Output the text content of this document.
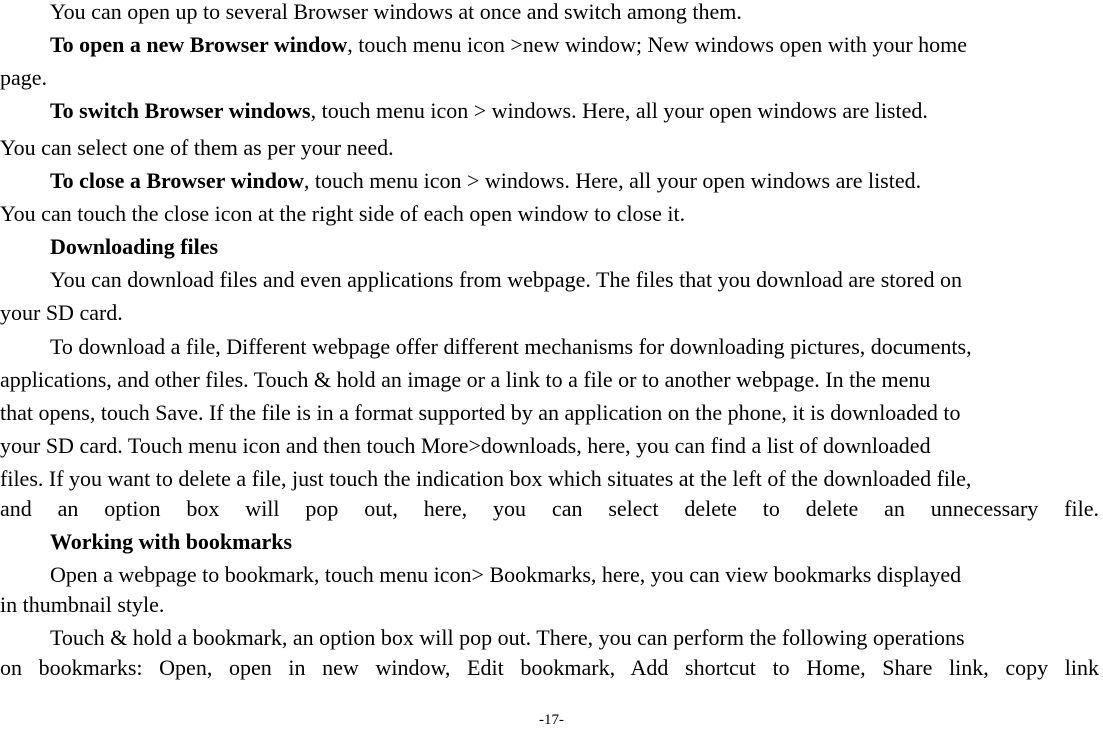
You can open up to several Browser windows at once and switch among them.
To open a new Browser window, touch menu icon >new window; New windows open with your home
page.
To switch Browser windows, touch menu icon > windows. Here, all your open windows are listed.
You can select one of them as per your need.
To close a Browser window, touch menu icon > windows. Here, all your open windows are listed.
You can touch the close icon at the right side of each open window to close it.
Downloading files
You can download files and even applications from webpage. The files that you download are stored on
your SD card.
To download a file, Different webpage offer different mechanisms for downloading pictures, documents,
applications, and other files. Touch & hold an image or a link to a file or to another webpage. In the menu
that opens, touch Save. If the file is in a format supported by an application on the phone, it is downloaded to
your SD card. Touch menu icon and then touch More>downloads, here, you can find a list of downloaded
files. If you want to delete a file, just touch the indication box which situates at the left of the downloaded file,
and an option box will pop out, here, you can select delete to delete an unnecessary file.
Working with bookmarks
Open a webpage to bookmark, touch menu icon> Bookmarks, here, you can view bookmarks displayed
in thumbnail style.
Touch & hold a bookmark, an option box will pop out. There, you can perform the following operations
on bookmarks: Open, open in new window, Edit bookmark, Add shortcut to Home, Share link, copy link
-17-
